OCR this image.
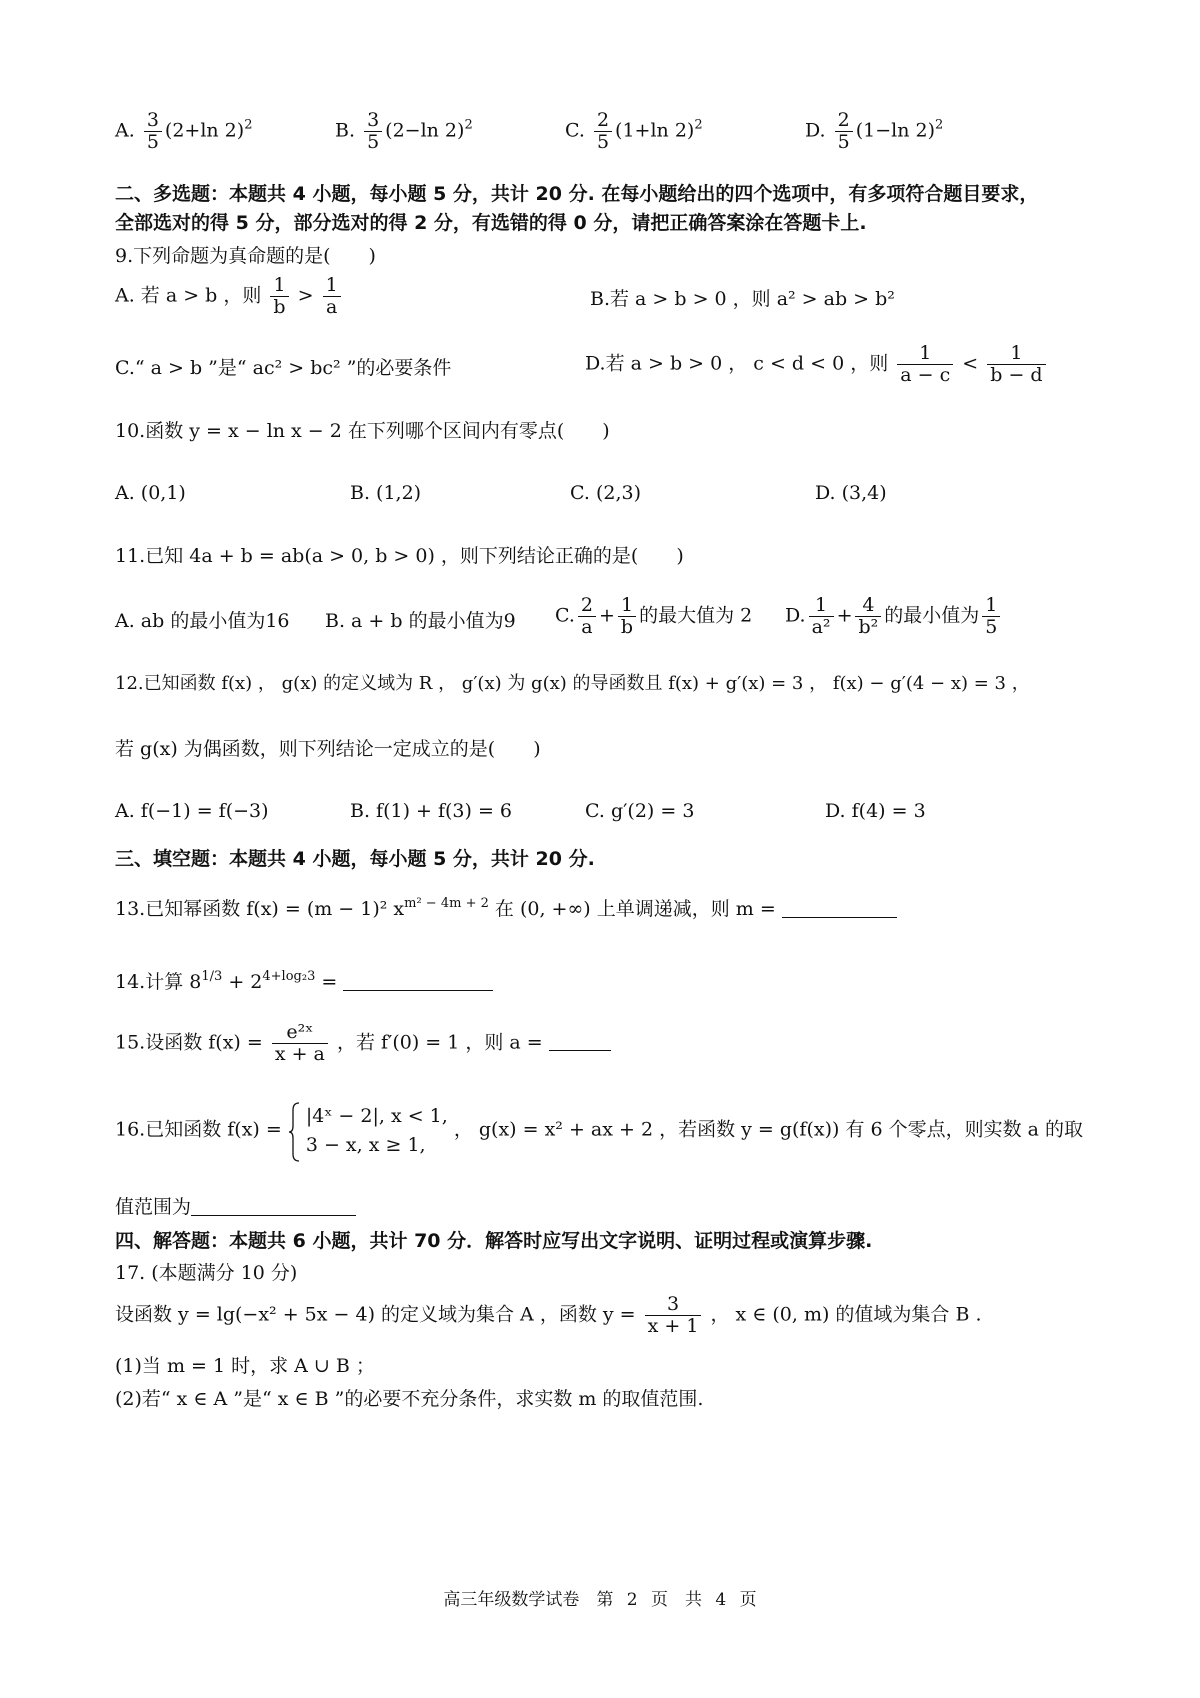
A. $\frac{3}{5} (2+\ln$ 2)$^2$	B. $\frac{3}{5} (2-\ln$ 2)$^2$	C. $\frac{2}{5} (1+\ln$ 2)$^2$	D. $\frac{2}{5} (1-\ln$ 2)$^2$
二、多选题：本题共 4 小题，每小题 5 分，共计 20 分. 在每小题给出的四个选项中，有多项符合题目要求，
全部选对的得 5 分，部分选对的得 2 分，有选错的得 0 分，请把正确答案涂在答题卡上.
9.下列命题为真命题的是(　　)
A. 若 a > b ，则 $\frac{1}{b} > \frac{1}{a}$	B.若 a > b > 0 ，则 a² > ab > b²
C.“ a > b ”是“ ac² > bc² ”的必要条件	D.若 a > b > 0 ， c < d < 0 ，则 $\frac{1}{a - c} < \frac{1}{b - d}$
10.函数 y = x − ln x − 2 在下列哪个区间内有零点(　　)
A. (0,1)	B. (1,2)	C. (2,3)	D. (3,4)
11.已知 4a + b = ab(a > 0, b > 0) ，则下列结论正确的是(　　)
A. ab 的最小值为16 B. a + b 的最小值为9 C. $\frac{2}{a} + \frac{1}{b}$ 的最大值为 2 D. $\frac{1}{\text{a²}} + \frac{4}{\text{b²}}$ 的最小值为 $\frac{1}{5}$
12.已知函数 f(x) ， g(x) 的定义域为 R ， g′(x) 为 g(x) 的导函数且 f(x) + g′(x) = 3 ， f(x) − g′(4 − x) = 3 ，
若 g(x) 为偶函数，则下列结论一定成立的是(　　)
A. f(−1) = f(−3)	B. f(1) + f(3) = 6	C. g′(2) = 3	D. f(4) = 3
三、填空题：本题共 4 小题，每小题 5 分，共计 20 分.
13.已知幂函数 f(x) = (m − 1)² $x^{m^2 - 4m + 2}$ 在 (0, +∞) 上单调递减，则 m =
14.计算 $8^{1/3} + 2^{4+log_23}$ =
15.设函数 $f(x) = \frac{\text{e²ˣ}}{x + a}$ ，若 f′(0) = 1 ，则 a =
16.已知函数 f(x) =
|4ˣ − 2|, x < 1,
3 − x, x ≥ 1,
， g(x) = x² + ax + 2 ，若函数 y = g(f(x)) 有 6 个零点，则实数 a 的取
值范围为
四、解答题：本题共 6 小题，共计 70 分．解答时应写出文字说明、证明过程或演算步骤.
17. (本题满分 10 分)
设函数 y = lg(−x² + 5x − 4) 的定义域为集合 A ，函数 $y = \frac{3}{x + 1}$ ， x ∈ (0, m) 的值域为集合 B .
(1)当 m = 1 时，求 A ∪ B ；
(2)若“ x ∈ A ”是“ x ∈ B ”的必要不充分条件，求实数 m 的取值范围.
高三年级数学试卷　第 2 页　共 4 页
